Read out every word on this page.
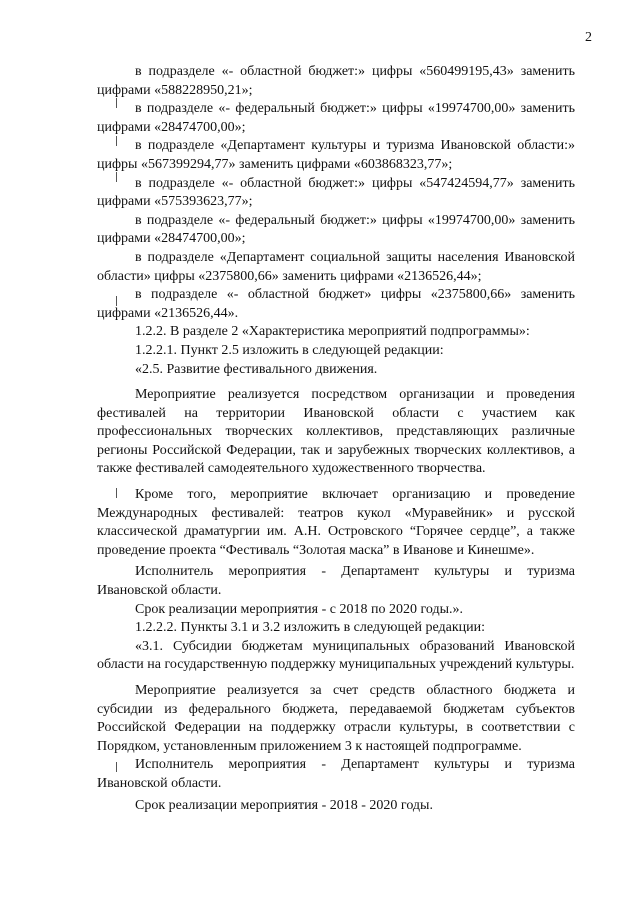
2

в подразделе «- областной бюджет:» цифры «560499195,43» заменить цифрами «588228950,21»;

в подразделе «- федеральный бюджет:» цифры «19974700,00» заменить цифрами «28474700,00»;

в подразделе «Департамент культуры и туризма Ивановской области:» цифры «567399294,77» заменить цифрами «603868323,77»;

в подразделе «- областной бюджет:» цифры «547424594,77» заменить цифрами «575393623,77»;

в подразделе «- федеральный бюджет:» цифры «19974700,00» заменить цифрами «28474700,00»;

в подразделе «Департамент социальной защиты населения Ивановской области» цифры «2375800,66» заменить цифрами «2136526,44»;

в подразделе «- областной бюджет» цифры «2375800,66» заменить цифрами «2136526,44».

1.2.2. В разделе 2 «Характеристика мероприятий подпрограммы»:

1.2.2.1. Пункт 2.5 изложить в следующей редакции:

«2.5. Развитие фестивального движения.

Мероприятие реализуется посредством организации и проведения фестивалей на территории Ивановской области с участием как профессиональных творческих коллективов, представляющих различные регионы Российской Федерации, так и зарубежных творческих коллективов, а также фестивалей самодеятельного художественного творчества.

Кроме того, мероприятие включает организацию и проведение Международных фестивалей: театров кукол «Муравейник» и русской классической драматургии им. А.Н. Островского “Горячее сердце”, а также проведение проекта “Фестиваль “Золотая маска” в Иванове и Кинешме».

Исполнитель мероприятия - Департамент культуры и туризма Ивановской области.

Срок реализации мероприятия - с 2018 по 2020 годы.».

1.2.2.2. Пункты 3.1 и 3.2 изложить в следующей редакции:

«3.1. Субсидии бюджетам муниципальных образований Ивановской области на государственную поддержку муниципальных учреждений культуры.

Мероприятие реализуется за счет средств областного бюджета и субсидии из федерального бюджета, передаваемой бюджетам субъектов Российской Федерации на поддержку отрасли культуры, в соответствии с Порядком, установленным приложением 3 к настоящей подпрограмме.

Исполнитель мероприятия - Департамент культуры и туризма Ивановской области.

Срок реализации мероприятия - 2018 - 2020 годы.
